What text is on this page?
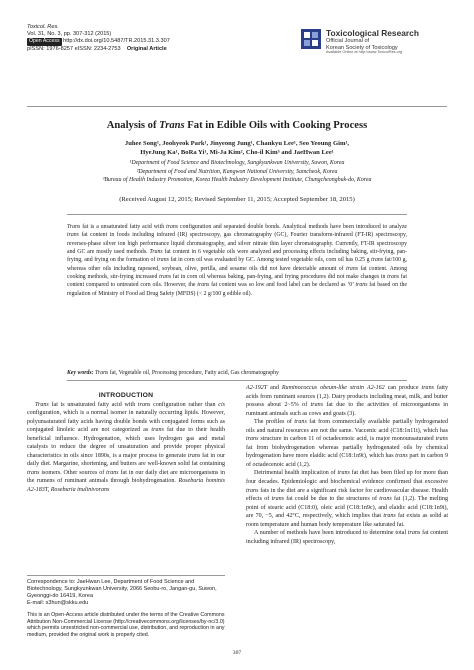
Toxicol. Res.
Vol. 31, No. 3, pp. 307-312 (2015)
Open Access http://dx.doi.org/10.5487/TR.2015.31.3.307
pISSN: 1976-8257 eISSN: 2234-2753 Original Article
Toxicological Research
Official Journal of
Korean Society of Toxicology
Available Online at http://www.ToxicolRes.org
Analysis of Trans Fat in Edible Oils with Cooking Process
Juhee Song¹, Joohyeok Park¹, Jinyeong Jung¹, Chankyu Lee¹, Seo Yeoung Gim¹,
HyeJung Ka¹, BoRa Yi¹, Mi-Ja Kim², Cho-il Kim³ and JaeHwan Lee¹
¹Department of Food Science and Biotechnology, Sungkyunkwan University, Suwon, Korea
²Department of Food and Nutrition, Kangwon National University, Samcheok, Korea
³Bureau of Health Industry Promotion, Korea Health Industry Development Institute, Chungcheongbuk-do, Korea
(Received August 12, 2015; Revised September 11, 2015; Accepted September 18, 2015)
Trans fat is a unsaturated fatty acid with trans configuration and separated double bonds. Analytical methods have been introduced to analyze trans fat content in foods including infrared (IR) spectroscopy, gas chromatography (GC), Fourier transform-infrared (FT-IR) spectroscopy, reverses-phase silver ion high performance liquid chromatography, and silver nitrate thin layer chromatography. Currently, FT-IR spectroscopy and GC are mostly used methods. Trans fat content in 6 vegetable oils were analyzed and processing effects including baking, stir-frying, pan-frying, and frying on the formation of trans fat in corn oil was evaluated by GC. Among tested vegetable oils, corn oil has 0.25 g trans fat/100 g, whereas other oils including rapeseed, soybean, olive, perilla, and sesame oils did not have detectable amount of trans fat content. Among cooking methods, stir-frying increased trans fat in corn oil whereas baking, pan-frying, and frying procedures did not make changes in trans fat content compared to untreated corn oils. However, the trans fat content was so low and food label can be declared as ‘0’ trans fat based on the regulation of Ministry of Food ad Drug Safety (MFDS) (< 2 g/100 g edible oil).
Key words: Trans fat, Vegetable oil, Processing procedure, Fatty acid, Gas chromatography

INTRODUCTION

Trans fat is unsaturated fatty acid with trans configuration rather than cis configuration, which is a normal isomer in naturally occurring lipids. However, polyunsaturated fatty acids having double bonds with conjugated forms such as conjugated linoleic acid are not categorized as trans fat due to their health beneficial influence. Hydrogenation, which uses hydrogen gas and metal catalysts to reduce the degree of unsaturation and provide proper physical characteristics in oils since 1890s, is a major process to generate trans fat in our daily diet. Margarine, shortening, and butters are well-known solid fat containing trans isomers. Other sources of trans fat in our daily diet are microorganisms in the rumens of ruminant animals through biohydrogenation. Roseburia hominis A2-183T, Roseburia inulinivorans

A2-192T and Ruminococcus obeum-like strain A2-162 can produce trans fatty acids from ruminant sources (1,2). Dairy products including meat, milk, and butter possess about 2~5% of trans fat due to the activities of microorganisms in ruminant animals such as cows and goats (3).

The profiles of trans fat from commercially available partially hydrogenated oils and natural resources are not the same. Vaccenic acid (C18:1n11t), which has trans structure in carbon 11 of octadecenoic acid, is major monounsaturated trans fat from biohydrogenation whereas partially hydrogenated oils by chemical hydrogenation have more elaidic acid (C18:1n9t), which has trans part in carbon 9 of octadecenoic acid (1,2).

Detrimental health implication of trans fat diet has been filed up for more than four decades. Epidemiologic and biochemical evidence confirmed that excessive trans fats in the diet are a significant risk factor for cardiovascular disease. Health effects of trans fat could be due to the structures of trans fat (1,2). The melting point of stearic acid (C18:0), oleic acid (C18:1n9c), and elaidic acid (C18:1n9t), are 70, −5, and 42°C, respectively, which implies that trans fat exists as solid at room temperature and human body temperature like saturated fat.

A number of methods have been introduced to determine total trans fat content including infrared (IR) spectroscopy,

Correspondence to: JaeHwan Lee, Department of Food Science and Biotechnology, Sungkyunkwan University, 2066 Seobu-ro, Jangan-gu, Suwon, Gyeonggi-do 16419, Korea
E-mail: s3hun@skku.edu
This is an Open-Access article distributed under the terms of the Creative Commons Attribution Non-Commercial License (http://creativecommons.org/licenses/by-nc/3.0) which permits unrestricted non-commercial use, distribution, and reproduction in any medium, provided the original work is properly cited.
307
